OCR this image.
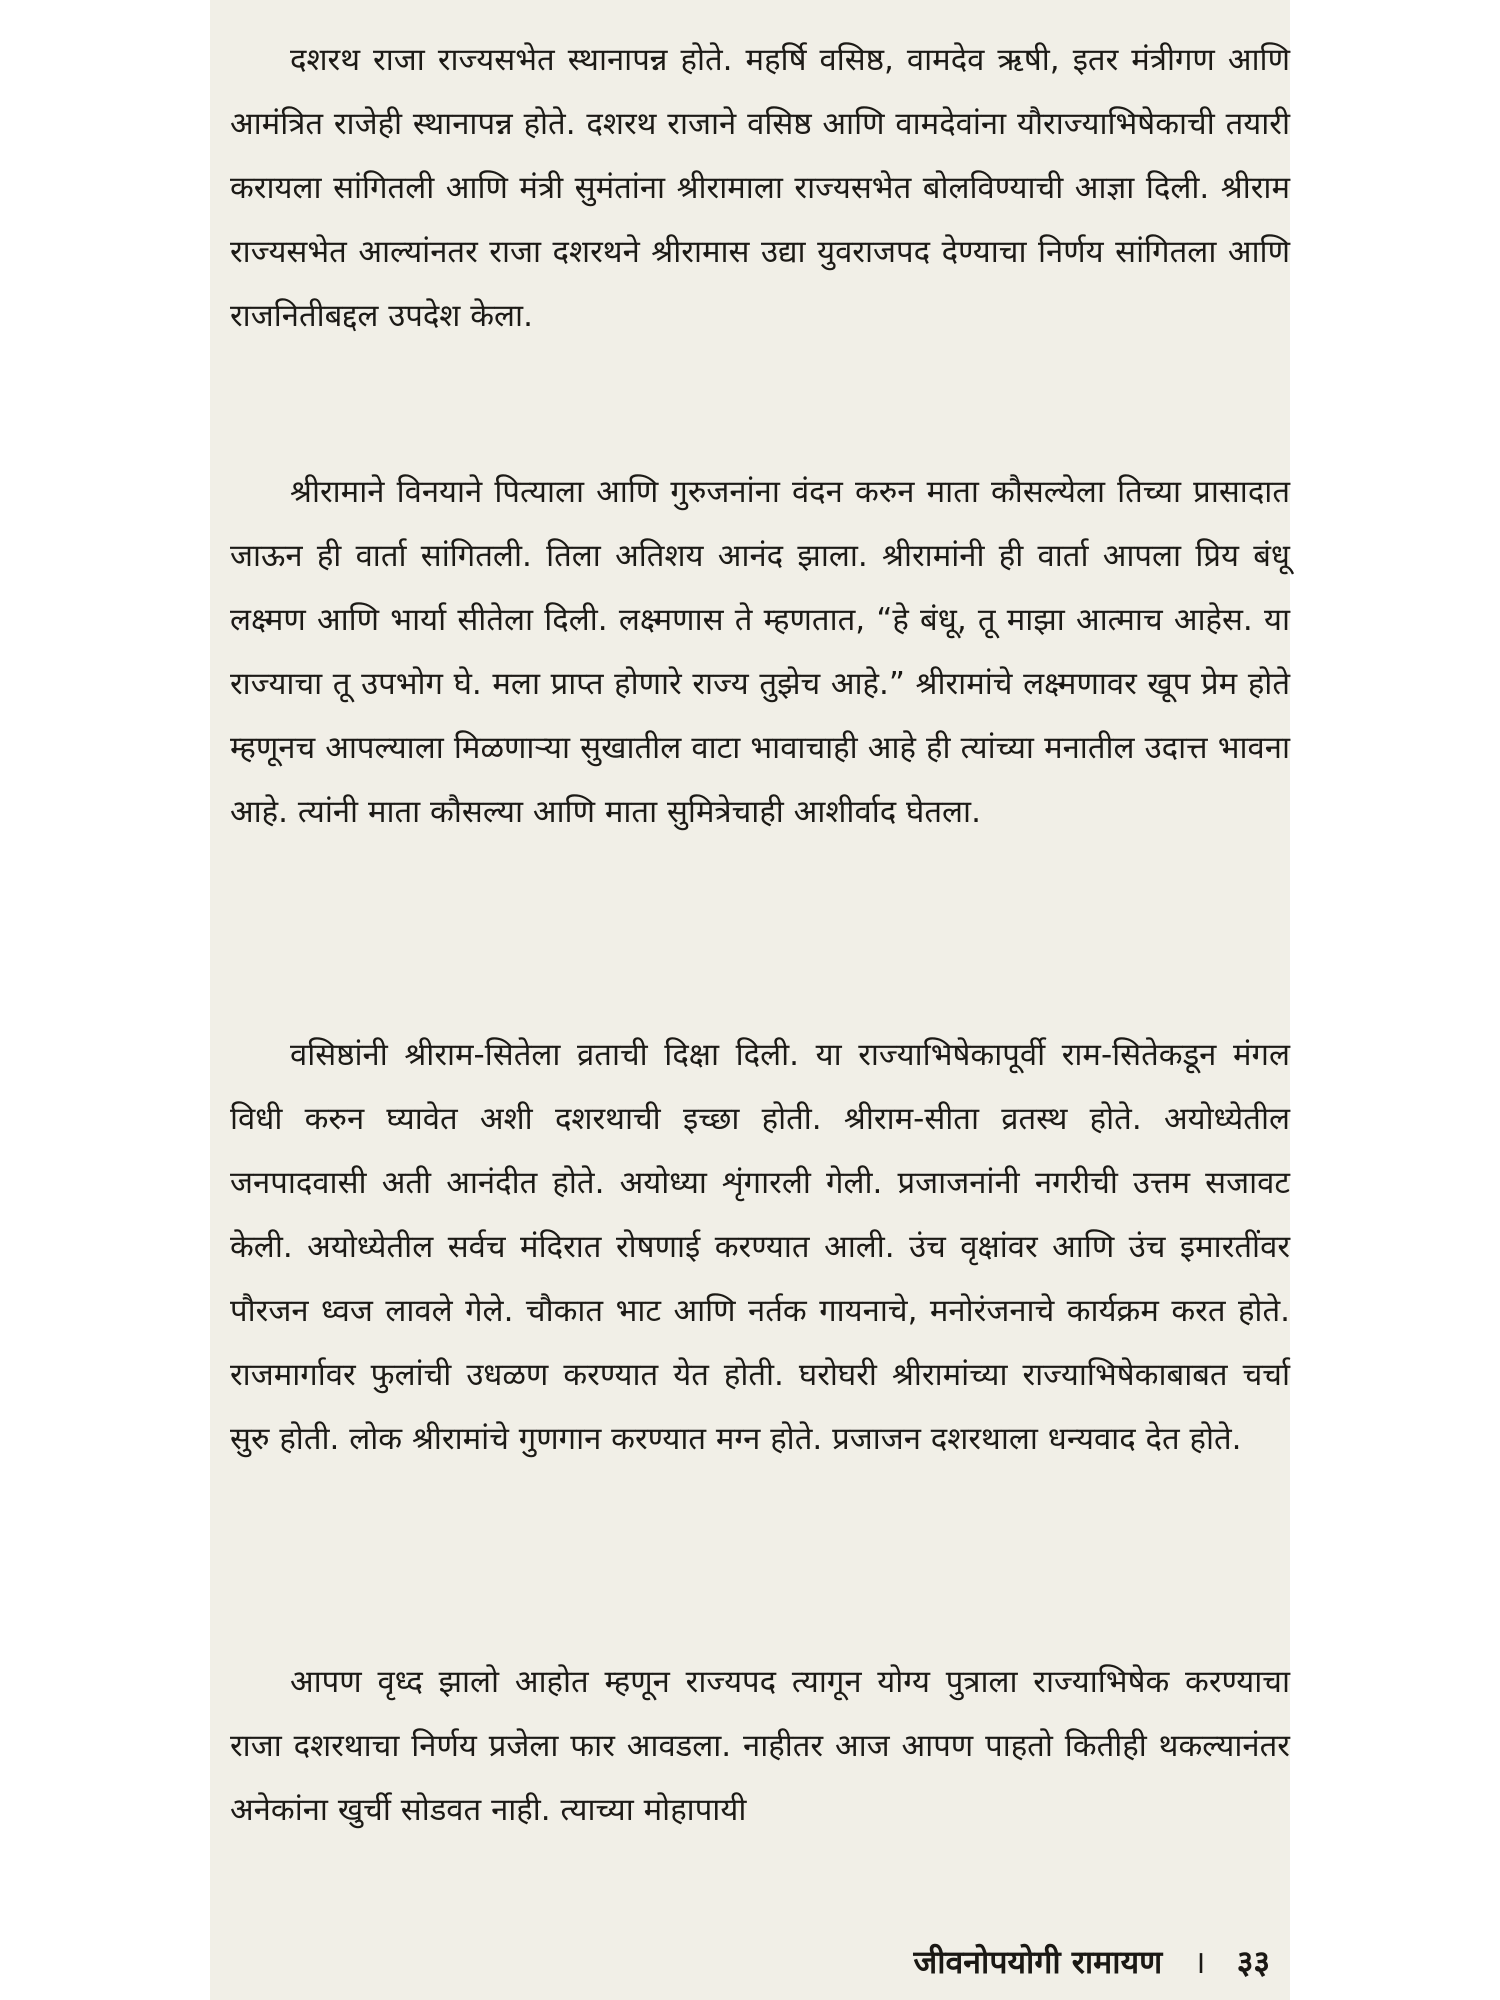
दशरथ राजा राज्यसभेत स्थानापन्न होते. महर्षि वसिष्ठ, वामदेव ऋषी, इतर मंत्रीगण आणि आमंत्रित राजेही स्थानापन्न होते. दशरथ राजाने वसिष्ठ आणि वामदेवांना यौराज्याभिषेकाची तयारी करायला सांगितली आणि मंत्री सुमंतांना श्रीरामाला राज्यसभेत बोलविण्याची आज्ञा दिली. श्रीराम राज्यसभेत आल्यांनतर राजा दशरथने श्रीरामास उद्या युवराजपद देण्याचा निर्णय सांगितला आणि राजनितीबद्दल उपदेश केला.

श्रीरामाने विनयाने पित्याला आणि गुरुजनांना वंदन करुन माता कौसल्येला तिच्या प्रासादात जाऊन ही वार्ता सांगितली. तिला अतिशय आनंद झाला. श्रीरामांनी ही वार्ता आपला प्रिय बंधू लक्ष्मण आणि भार्या सीतेला दिली. लक्ष्मणास ते म्हणतात, “हे बंधू, तू माझा आत्माच आहेस. या राज्याचा तू उपभोग घे. मला प्राप्त होणारे राज्य तुझेच आहे.” श्रीरामांचे लक्ष्मणावर खूप प्रेम होते म्हणूनच आपल्याला मिळणाऱ्या सुखातील वाटा भावाचाही आहे ही त्यांच्या मनातील उदात्त भावना आहे. त्यांनी माता कौसल्या आणि माता सुमित्रेचाही आशीर्वाद घेतला.

वसिष्ठांनी श्रीराम-सितेला व्रताची दिक्षा दिली. या राज्याभिषेकापूर्वी राम-सितेकडून मंगल विधी करुन घ्यावेत अशी दशरथाची इच्छा होती. श्रीराम-सीता व्रतस्थ होते. अयोध्येतील जनपादवासी अती आनंदीत होते. अयोध्या शृंगारली गेली. प्रजाजनांनी नगरीची उत्तम सजावट केली. अयोध्येतील सर्वच मंदिरात रोषणाई करण्यात आली. उंच वृक्षांवर आणि उंच इमारतींवर पौरजन ध्वज लावले गेले. चौकात भाट आणि नर्तक गायनाचे, मनोरंजनाचे कार्यक्रम करत होते. राजमार्गावर फुलांची उधळण करण्यात येत होती. घरोघरी श्रीरामांच्या राज्याभिषेकाबाबत चर्चा सुरु होती. लोक श्रीरामांचे गुणगान करण्यात मग्न होते. प्रजाजन दशरथाला धन्यवाद देत होते.

आपण वृध्द झालो आहोत म्हणून राज्यपद त्यागून योग्य पुत्राला राज्याभिषेक करण्याचा राजा दशरथाचा निर्णय प्रजेला फार आवडला. नाहीतर आज आपण पाहतो कितीही थकल्यानंतर अनेकांना खुर्ची सोडवत नाही. त्याच्या मोहापायी

जीवनोपयोगी रामायण । ३३
